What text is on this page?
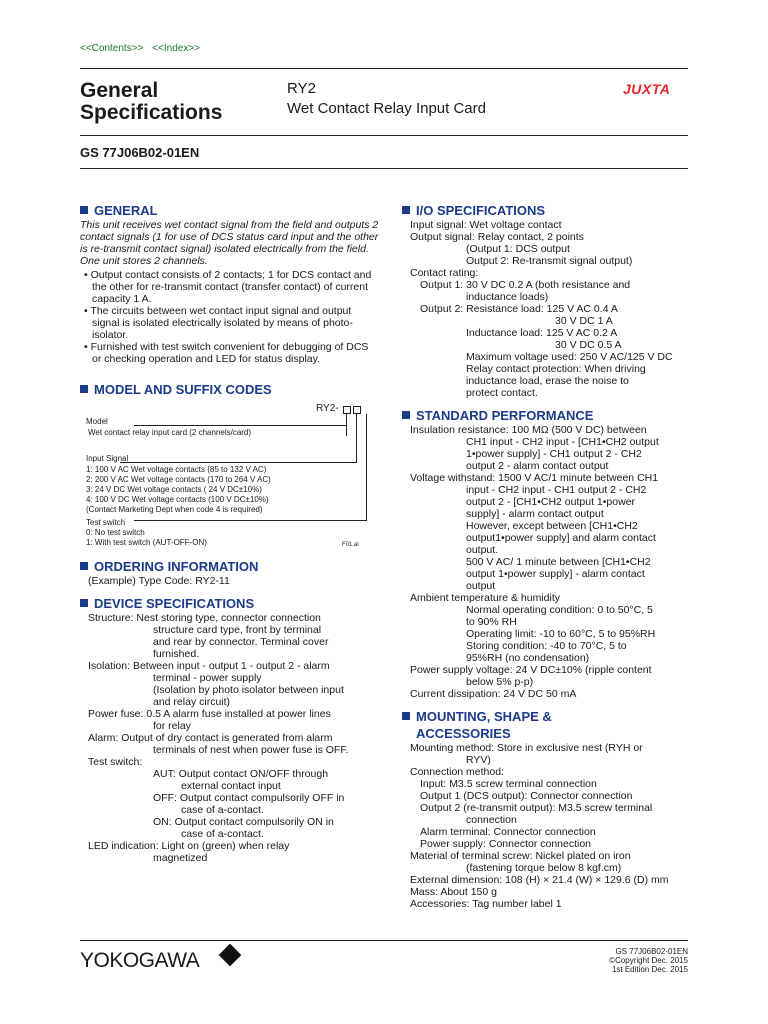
<<Contents>> <<Index>>
General
Specifications
RY2
Wet Contact Relay Input Card
JUXTA
GS 77J06B02-01EN
GENERAL

This unit receives wet contact signal from the field and outputs 2 contact signals (1 for use of DCS status card input and the other is re-transmit contact signal) isolated electrically from the field. One unit stores 2 channels.

• Output contact consists of 2 contacts; 1 for DCS contact and the other for re-transmit contact (transfer contact) of current capacity 1 A.

• The circuits between wet contact input signal and output signal is isolated electrically isolated by means of photo-isolator.

• Furnished with test switch convenient for debugging of DCS or checking operation and LED for status display.

MODEL AND SUFFIX CODES
RY2-
Model
Wet contact relay input card (2 channels/card)
Input Signal
1: 100 V AC Wet voltage contacts (85 to 132 V AC)
2: 200 V AC Wet voltage contacts (170 to 264 V AC)
3: 24 V DC Wet voltage contacts ( 24 V DC±10%)
4: 100 V DC Wet voltage contacts (100 V DC±10%)
(Contact Marketing Dept when code 4 is required)
Test switch
0: No test switch
1: With test switch (AUT-OFF-ON)	F01.ai
ORDERING INFORMATION

(Example) Type Code: RY2-11

DEVICE SPECIFICATIONS
Structure: Nest storing type, connector connection
structure card type, front by terminal
and rear by connector. Terminal cover
furnished.
Isolation: Between input - output 1 - output 2 - alarm
terminal - power supply
(Isolation by photo isolator between input
and relay circuit)
Power fuse: 0.5 A alarm fuse installed at power lines
for relay
Alarm: Output of dry contact is generated from alarm
terminals of nest when power fuse is OFF.
Test switch:
AUT: Output contact ON/OFF through
external contact input
OFF: Output contact compulsorily OFF in
case of a-contact.
ON: Output contact compulsorily ON in
case of a-contact.
LED indication: Light on (green) when relay
magnetized
I/O SPECIFICATIONS
Input signal: Wet voltage contact
Output signal: Relay contact, 2 points
(Output 1: DCS output
Output 2: Re-transmit signal output)
Contact rating:
Output 1: 30 V DC 0.2 A (both resistance and
inductance loads)
Output 2: Resistance load: 125 V AC 0.4 A
30 V DC 1 A
Inductance load: 125 V AC 0.2 A
30 V DC 0.5 A
Maximum voltage used: 250 V AC/125 V DC
Relay contact protection: When driving
inductance load, erase the noise to
protect contact.
STANDARD PERFORMANCE
Insulation resistance: 100 MΩ (500 V DC) between
CH1 input - CH2 input - [CH1•CH2 output
1•power supply] - CH1 output 2 - CH2
output 2 - alarm contact output
Voltage withstand: 1500 V AC/1 minute between CH1
input - CH2 input - CH1 output 2 - CH2
output 2 - [CH1•CH2 output 1•power
supply] - alarm contact output
However, except between [CH1•CH2
output1•power supply] and alarm contact
output.
500 V AC/ 1 minute between [CH1•CH2
output 1•power supply] - alarm contact
output
Ambient temperature & humidity
Normal operating condition: 0 to 50°C, 5
to 90% RH
Operating limit: -10 to 60°C, 5 to 95%RH
Storing condition: -40 to 70°C, 5 to
95%RH (no condensation)
Power supply voltage: 24 V DC±10% (ripple content
below 5% p-p)
Current dissipation: 24 V DC 50 mA
MOUNTING, SHAPE &
ACCESSORIES
Mounting method: Store in exclusive nest (RYH or
RYV)
Connection method:
Input: M3.5 screw terminal connection
Output 1 (DCS output): Connector connection
Output 2 (re-transmit output): M3.5 screw terminal
connection
Alarm terminal: Connector connection
Power supply: Connector connection
Material of terminal screw: Nickel plated on iron
(fastening torque below 8 kgf.cm)
External dimension: 108 (H) × 21.4 (W) × 129.6 (D) mm
Mass: About 150 g
Accessories: Tag number label 1
YOKOGAWA	GS 77J06B02-01EN
©Copyright Dec. 2015
1st Edition Dec. 2015
